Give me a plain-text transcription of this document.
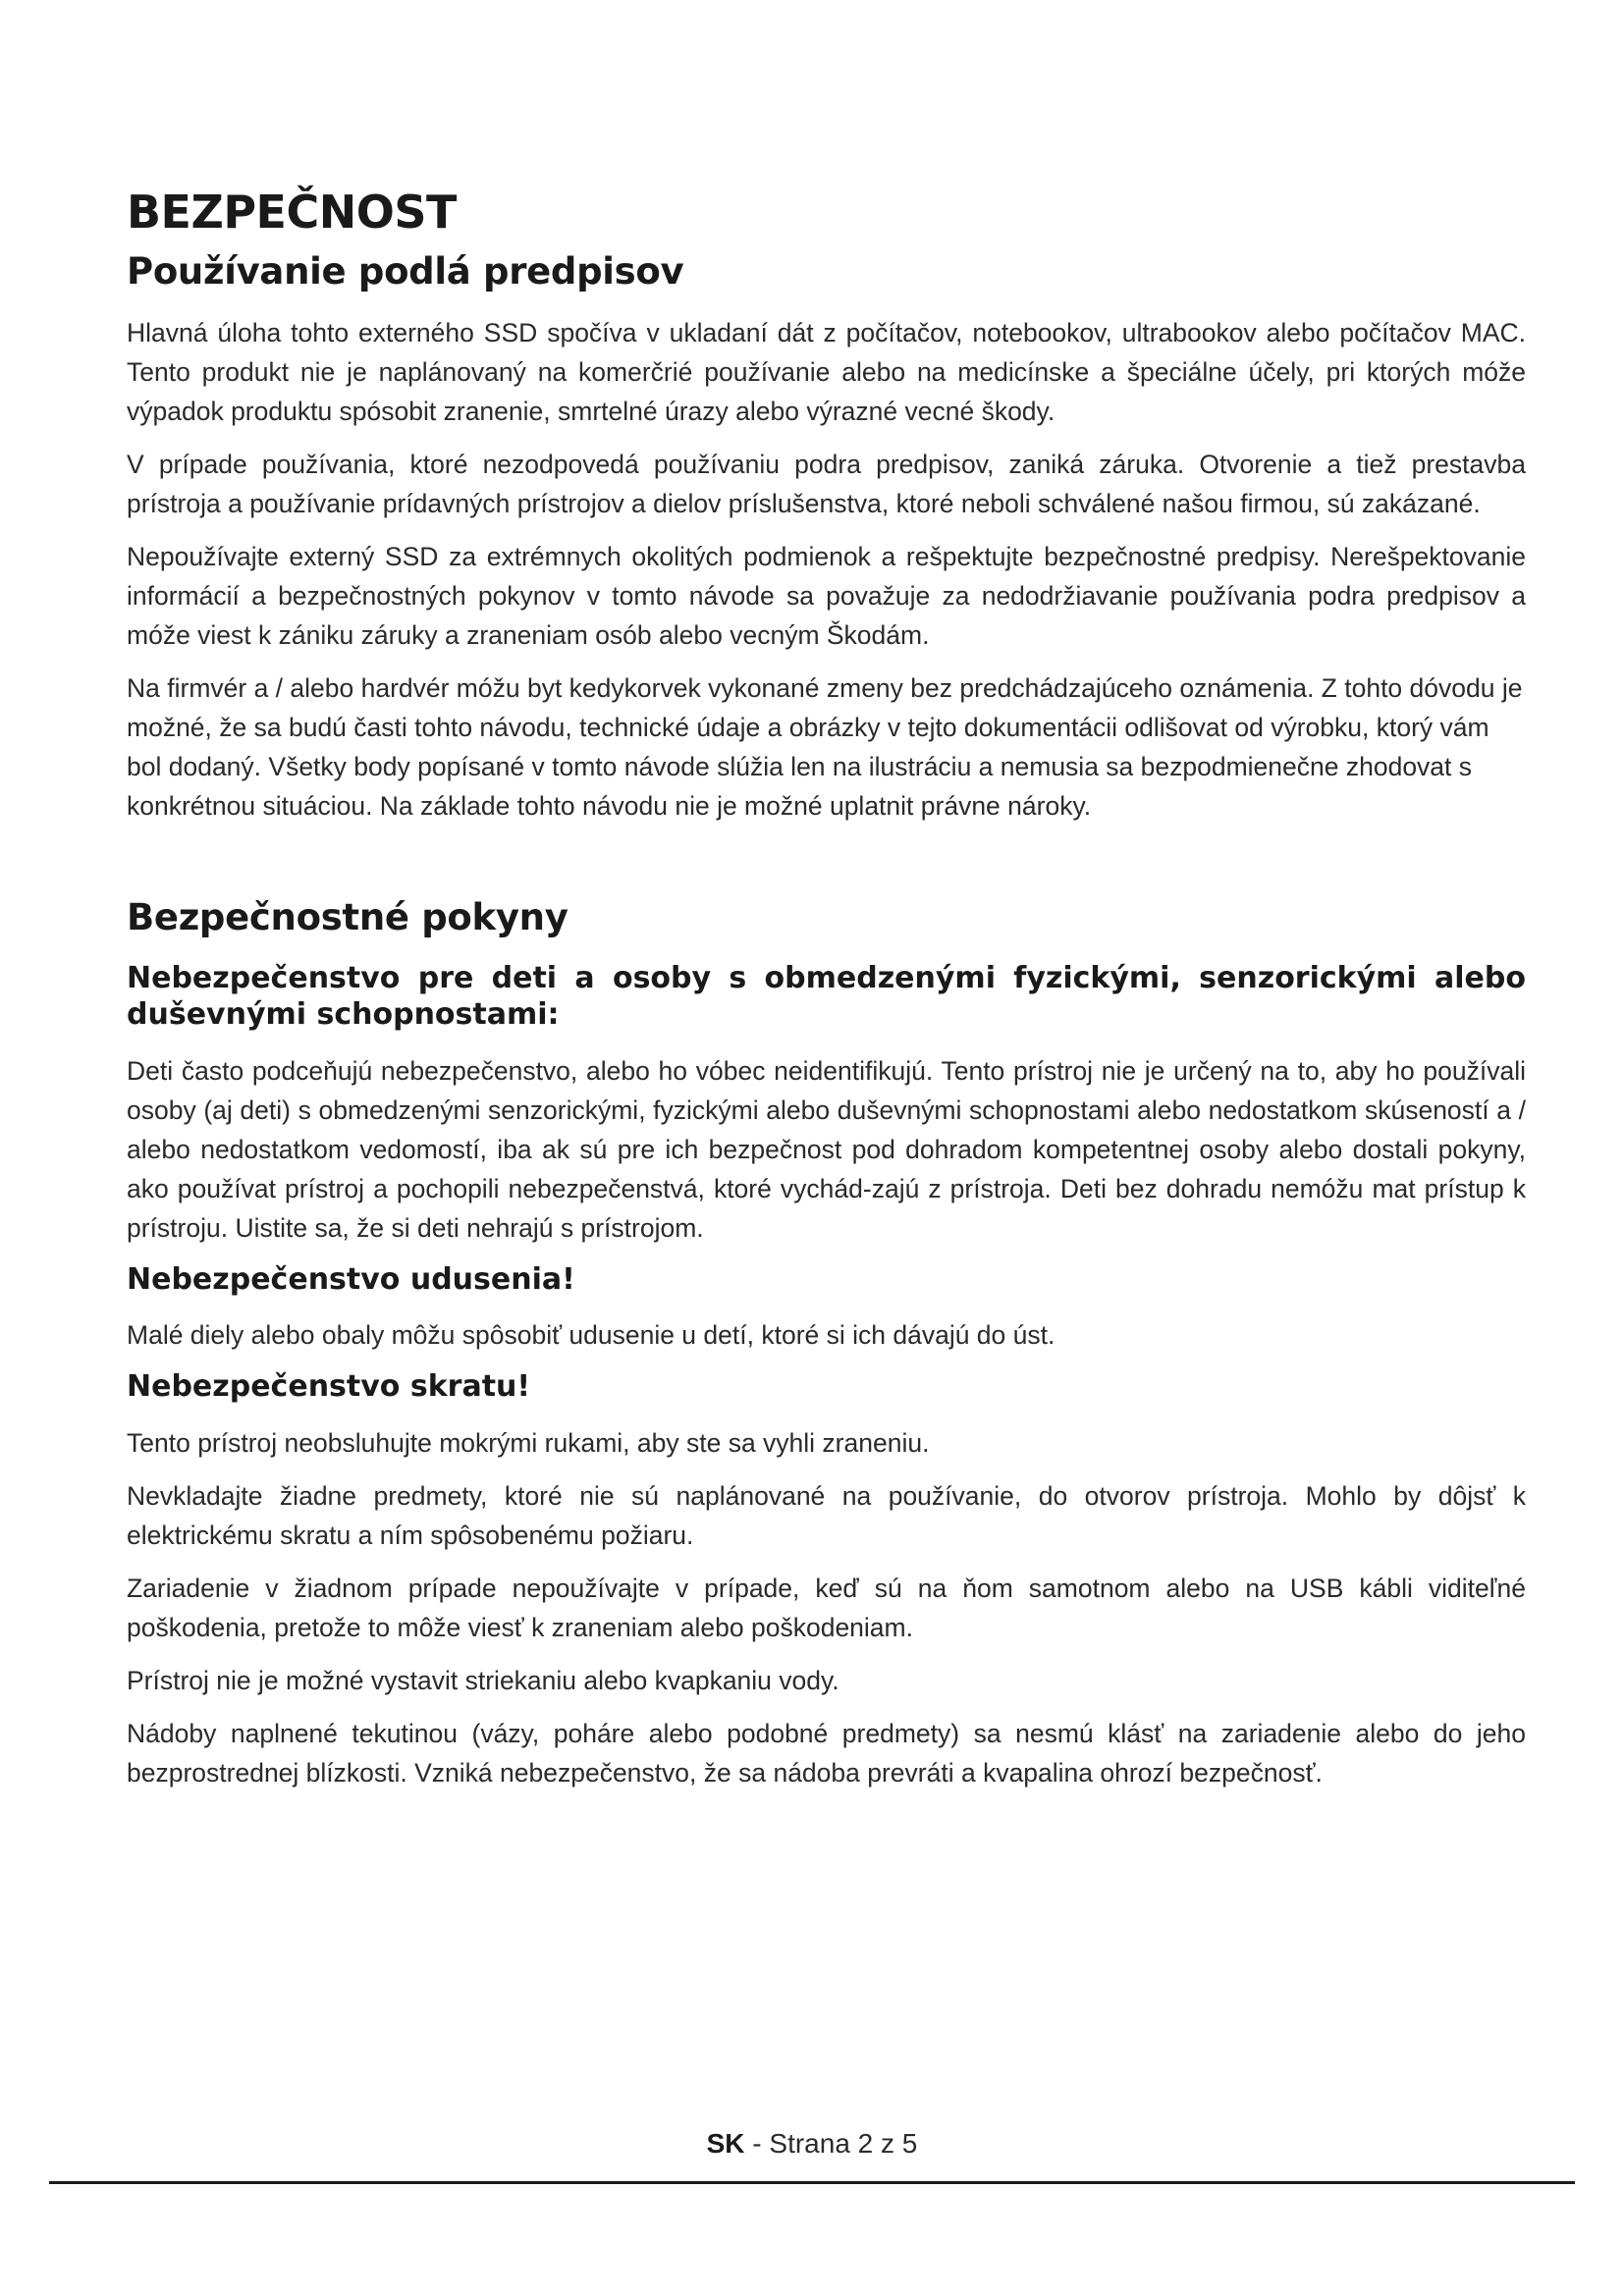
BEZPEČNOST
Používanie podlá predpisov

Hlavná úloha tohto externého SSD spočíva v ukladaní dát z počítačov, notebookov, ultrabookov alebo počítačov MAC. Tento produkt nie je naplánovaný na komerčrié používanie alebo na medicínske a špeciálne účely, pri ktorých móže výpadok produktu spósobit zranenie, smrtelné úrazy alebo výrazné vecné škody.

V prípade používania, ktoré nezodpovedá používaniu podra predpisov, zaniká záruka. Otvorenie a tiež prestavba prístroja a používanie prídavných prístrojov a dielov príslušenstva, ktoré neboli schválené našou firmou, sú zakázané.

Nepoužívajte externý SSD za extrémnych okolitých podmienok a rešpektujte bezpečnostné predpisy. Nerešpektovanie informácií a bezpečnostných pokynov v tomto návode sa považuje za nedodržiavanie používania podra predpisov a móže viest k zániku záruky a zraneniam osób alebo vecným Škodám.

Na firmvér a / alebo hardvér móžu byt kedykorvek vykonané zmeny bez predchádzajúceho oznámenia. Z tohto dóvodu je možné, že sa budú časti tohto návodu, technické údaje a obrázky v tejto dokumentácii odlišovat od výrobku, ktorý vám bol dodaný. Všetky body popísané v tomto návode slúžia len na ilustráciu a nemusia sa bezpodmienečne zhodovat s konkrétnou situáciou. Na základe tohto návodu nie je možné uplatnit právne nároky.

Bezpečnostné pokyny
Nebezpečenstvo pre deti a osoby s obmedzenými fyzickými, senzorickými alebo duševnými schopnostami:

Deti často podceňujú nebezpečenstvo, alebo ho vóbec neidentifikujú. Tento prístroj nie je určený na to, aby ho používali osoby (aj deti) s obmedzenými senzorickými, fyzickými alebo duševnými schopnostami alebo nedostatkom skúseností a / alebo nedostatkom vedomostí, iba ak sú pre ich bezpečnost pod dohradom kompetentnej osoby alebo dostali pokyny, ako používat prístroj a pochopili nebezpečenstvá, ktoré vychád-zajú z prístroja. Deti bez dohradu nemóžu mat prístup k prístroju. Uistite sa, že si deti nehrajú s prístrojom.

Nebezpečenstvo udusenia!

Malé diely alebo obaly môžu spôsobiť udusenie u detí, ktoré si ich dávajú do úst.

Nebezpečenstvo skratu!

Tento prístroj neobsluhujte mokrými rukami, aby ste sa vyhli zraneniu.

Nevkladajte žiadne predmety, ktoré nie sú naplánované na používanie, do otvorov prístroja. Mohlo by dôjsť k elektrickému skratu a ním spôsobenému požiaru.

Zariadenie v žiadnom prípade nepoužívajte v prípade, keď sú na ňom samotnom alebo na USB kábli viditeľné poškodenia, pretože to môže viesť k zraneniam alebo poškodeniam.

Prístroj nie je možné vystavit striekaniu alebo kvapkaniu vody.

Nádoby naplnené tekutinou (vázy, poháre alebo podobné predmety) sa nesmú klásť na zariadenie alebo do jeho bezprostrednej blízkosti. Vzniká nebezpečenstvo, že sa nádoba prevráti a kvapalina ohrozí bezpečnosť.

SK - Strana 2 z 5
